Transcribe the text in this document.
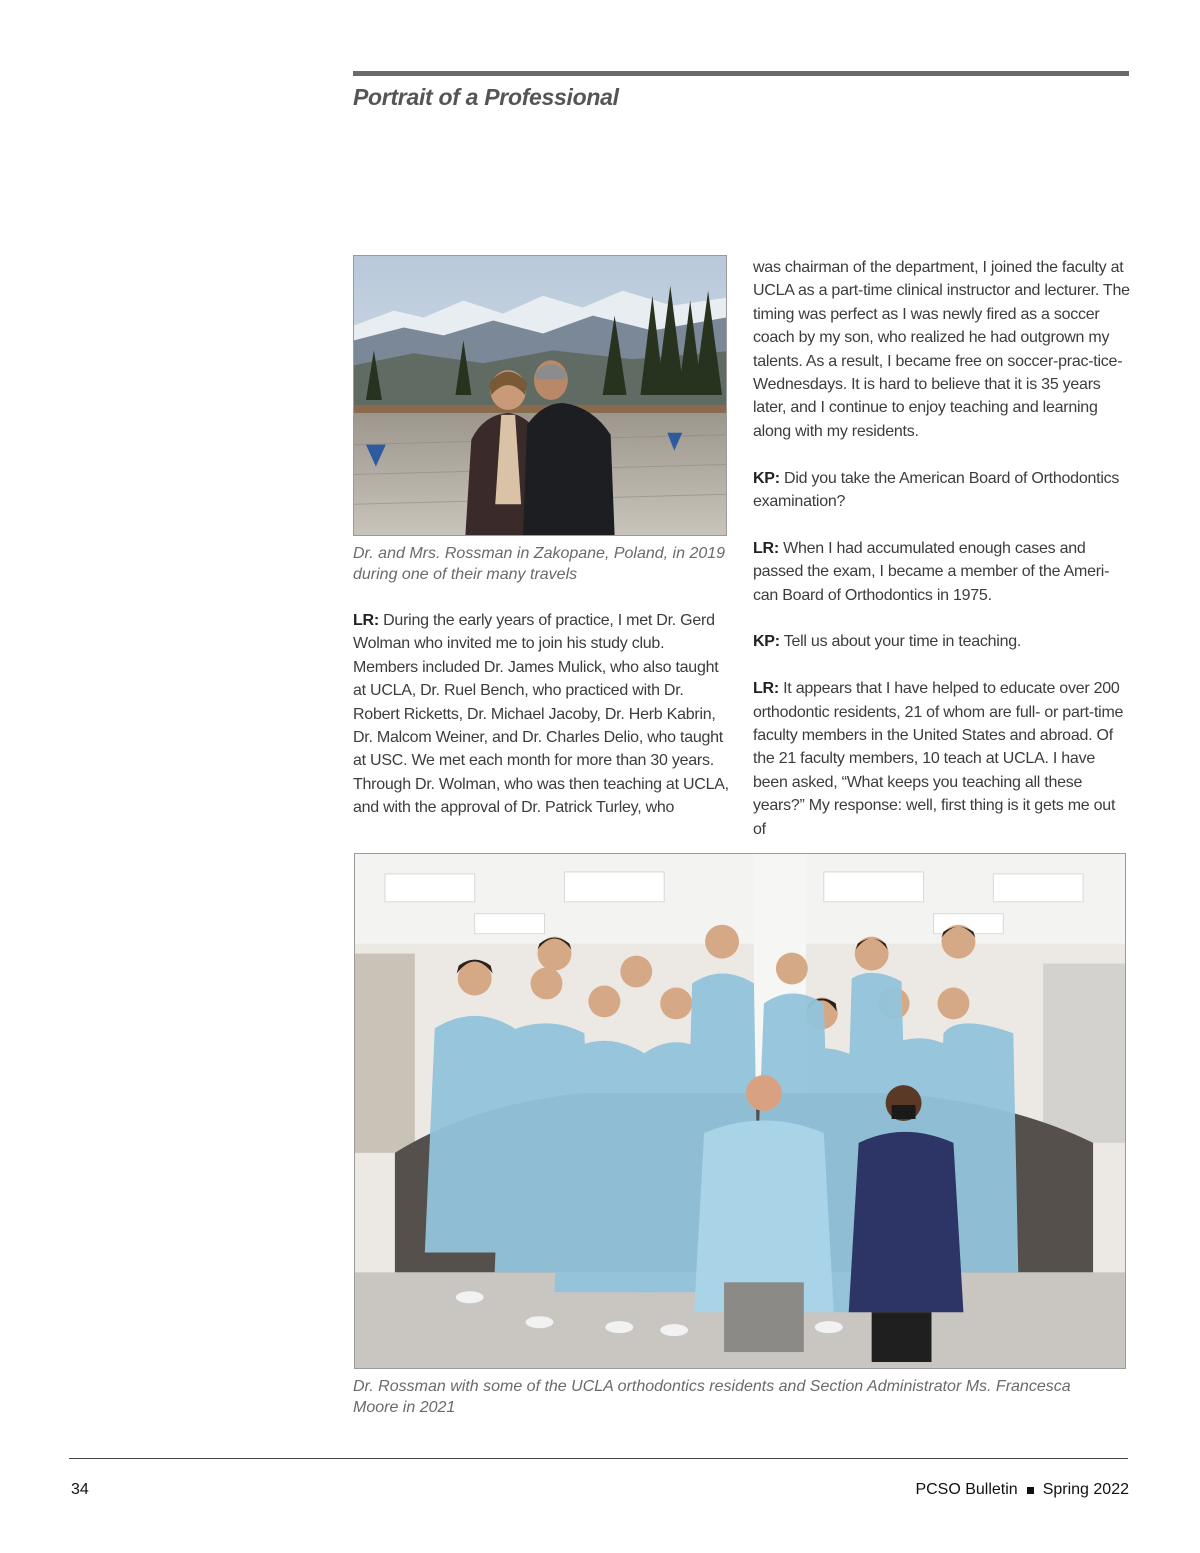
Portrait of a Professional

Dr. and Mrs. Rossman in Zakopane, Poland, in 2019
during one of their many travels

LR: During the early years of practice, I met Dr. Gerd Wolman who invited me to join his study club. Members included Dr. James Mulick, who also taught at UCLA, Dr. Ruel Bench, who practiced with Dr. Robert Ricketts, Dr. Michael Jacoby, Dr. Herb Kabrin, Dr. Malcom Weiner, and Dr. Charles Delio, who taught at USC. We met each month for more than 30 years. Through Dr. Wolman, who was then teaching at UCLA, and with the approval of Dr. Patrick Turley, who

was chairman of the department, I joined the faculty at UCLA as a part-time clinical instructor and lecturer. The timing was perfect as I was newly fired as a soccer coach by my son, who realized he had outgrown my talents. As a result, I became free on soccer-prac-tice-Wednesdays. It is hard to believe that it is 35 years later, and I continue to enjoy teaching and learning along with my residents.

KP: Did you take the American Board of Orthodontics examination?

LR: When I had accumulated enough cases and passed the exam, I became a member of the Ameri-can Board of Orthodontics in 1975.

KP: Tell us about your time in teaching.

LR: It appears that I have helped to educate over 200 orthodontic residents, 21 of whom are full- or part-time faculty members in the United States and abroad. Of the 21 faculty members, 10 teach at UCLA. I have been asked, “What keeps you teaching all these years?” My response: well, first thing is it gets me out of

Dr. Rossman with some of the UCLA orthodontics residents and Section Administrator Ms. Francesca
Moore in 2021

34	PCSO Bulletin Spring 2022
